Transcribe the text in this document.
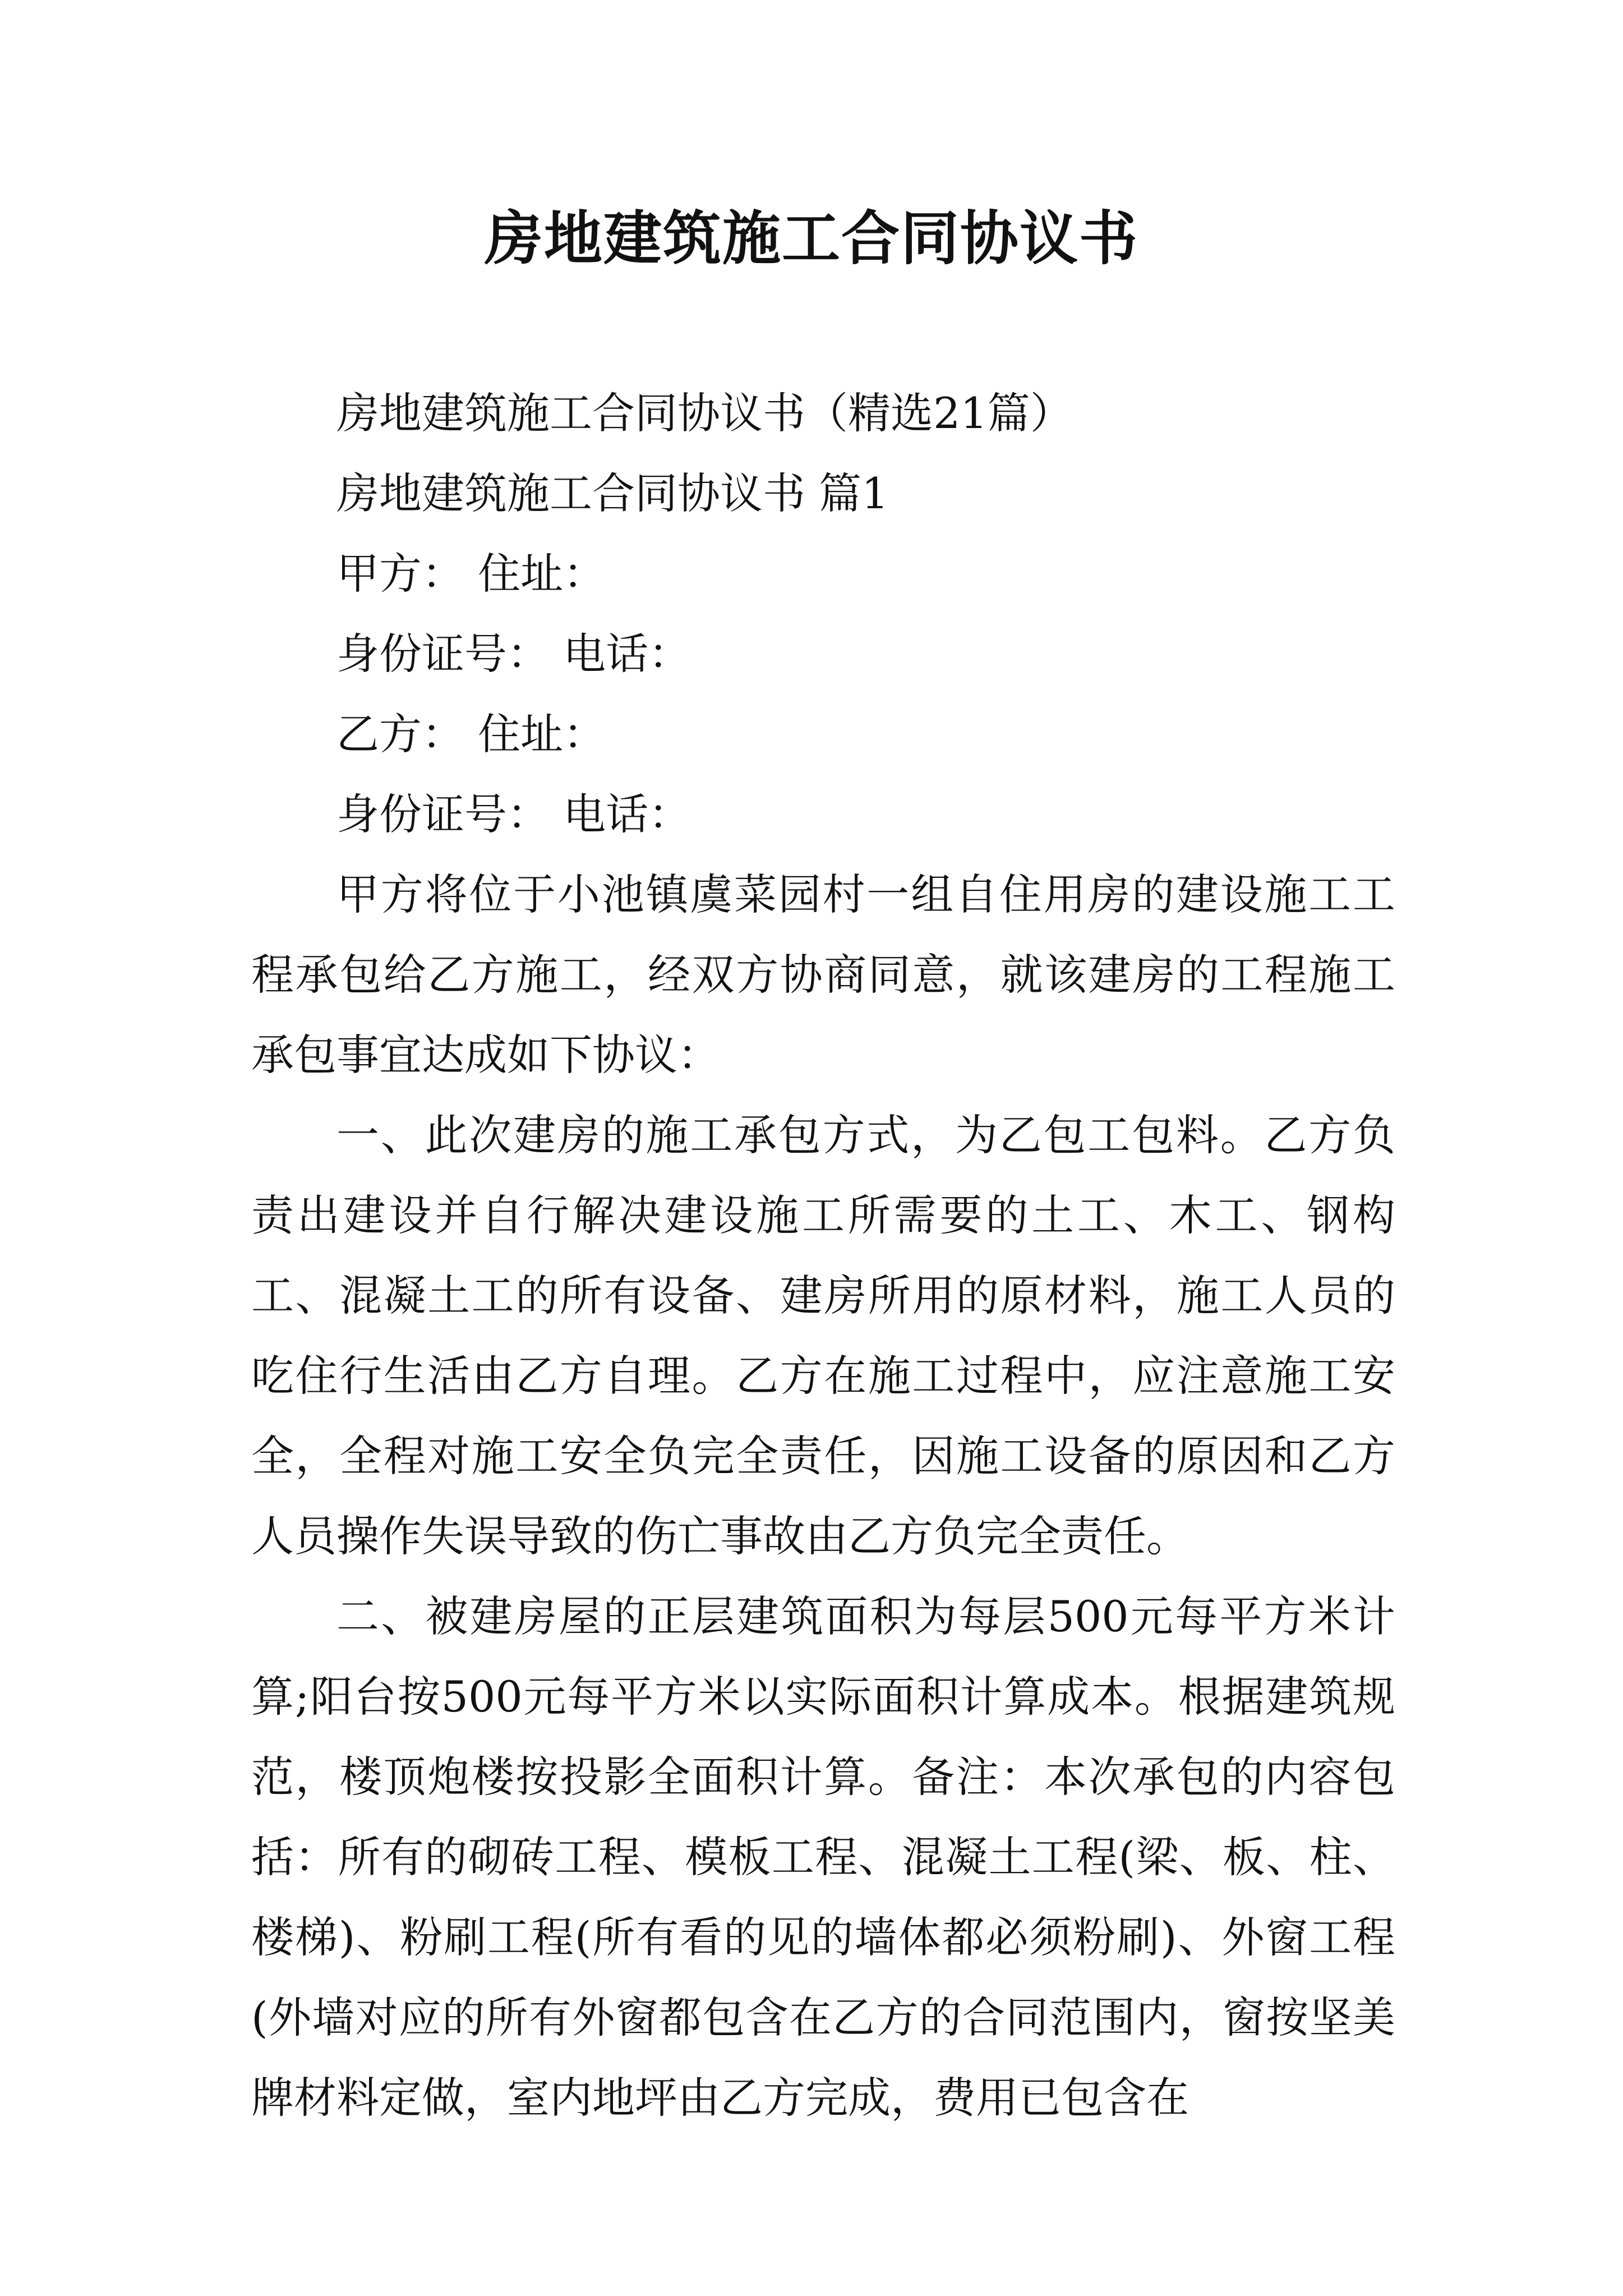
房地建筑施工合同协议书

房地建筑施工合同协议书（精选21篇）

房地建筑施工合同协议书 篇1

甲方： 住址：

身份证号： 电话：

乙方： 住址：

身份证号： 电话：

甲方将位于小池镇虞菜园村一组自住用房的建设施工工程承包给乙方施工，经双方协商同意，就该建房的工程施工承包事宜达成如下协议：

一、此次建房的施工承包方式，为乙包工包料。乙方负责出建设并自行解决建设施工所需要的土工、木工、钢构工、混凝土工的所有设备、建房所用的原材料，施工人员的吃住行生活由乙方自理。乙方在施工过程中，应注意施工安全，全程对施工安全负完全责任，因施工设备的原因和乙方人员操作失误导致的伤亡事故由乙方负完全责任。

二、被建房屋的正层建筑面积为每层500元每平方米计算;阳台按500元每平方米以实际面积计算成本。根据建筑规范，楼顶炮楼按投影全面积计算。备注：本次承包的内容包括：所有的砌砖工程、模板工程、混凝土工程(梁、板、柱、楼梯)、粉刷工程(所有看的见的墙体都必须粉刷)、外窗工程(外墙对应的所有外窗都包含在乙方的合同范围内，窗按坚美牌材料定做，室内地坪由乙方完成，费用已包含在
